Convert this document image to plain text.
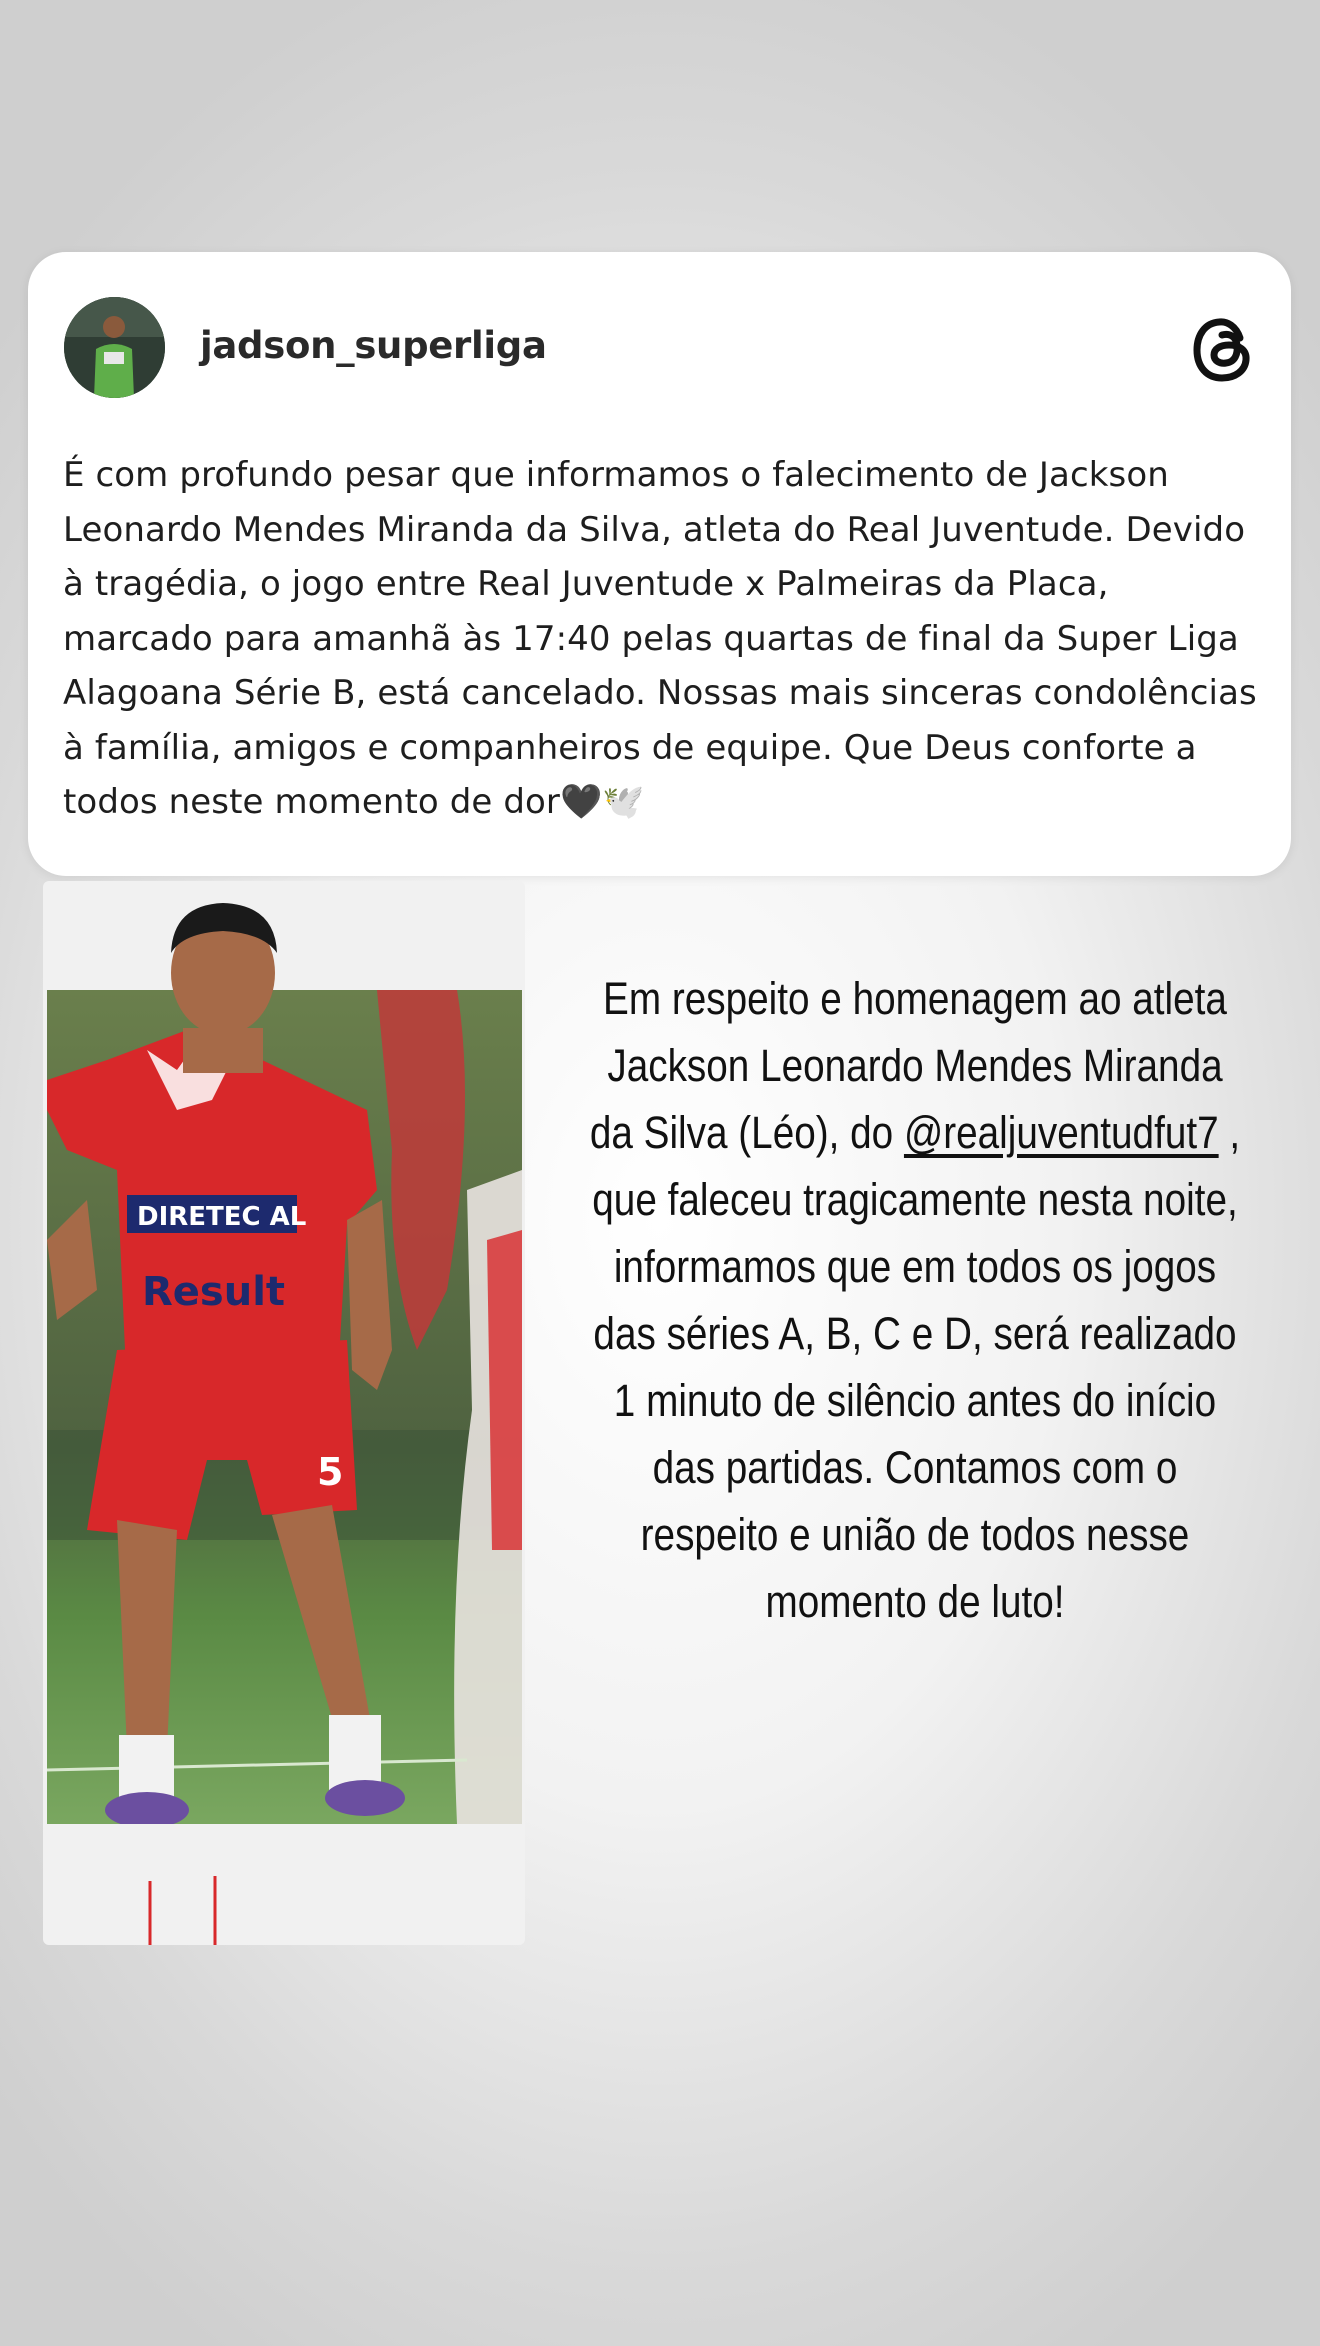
jadson_superliga
É com profundo pesar que informamos o falecimento de Jackson Leonardo Mendes Miranda da Silva, atleta do Real Juventude. Devido à tragédia, o jogo entre Real Juventude x Palmeiras da Placa, marcado para amanhã às 17:40 pelas quartas de final da Super Liga Alagoana Série B, está cancelado. Nossas mais sinceras condolências à família, amigos e companheiros de equipe. Que Deus conforte a todos neste momento de dor🖤🕊️
DIRETEC AL
Result
5
Em respeito e homenagem ao atleta Jackson Leonardo Mendes Miranda da Silva (Léo), do @realjuventudfut7 , que faleceu tragicamente nesta noite, informamos que em todos os jogos das séries A, B, C e D, será realizado 1 minuto de silêncio antes do início das partidas. Contamos com o respeito e união de todos nesse momento de luto!
